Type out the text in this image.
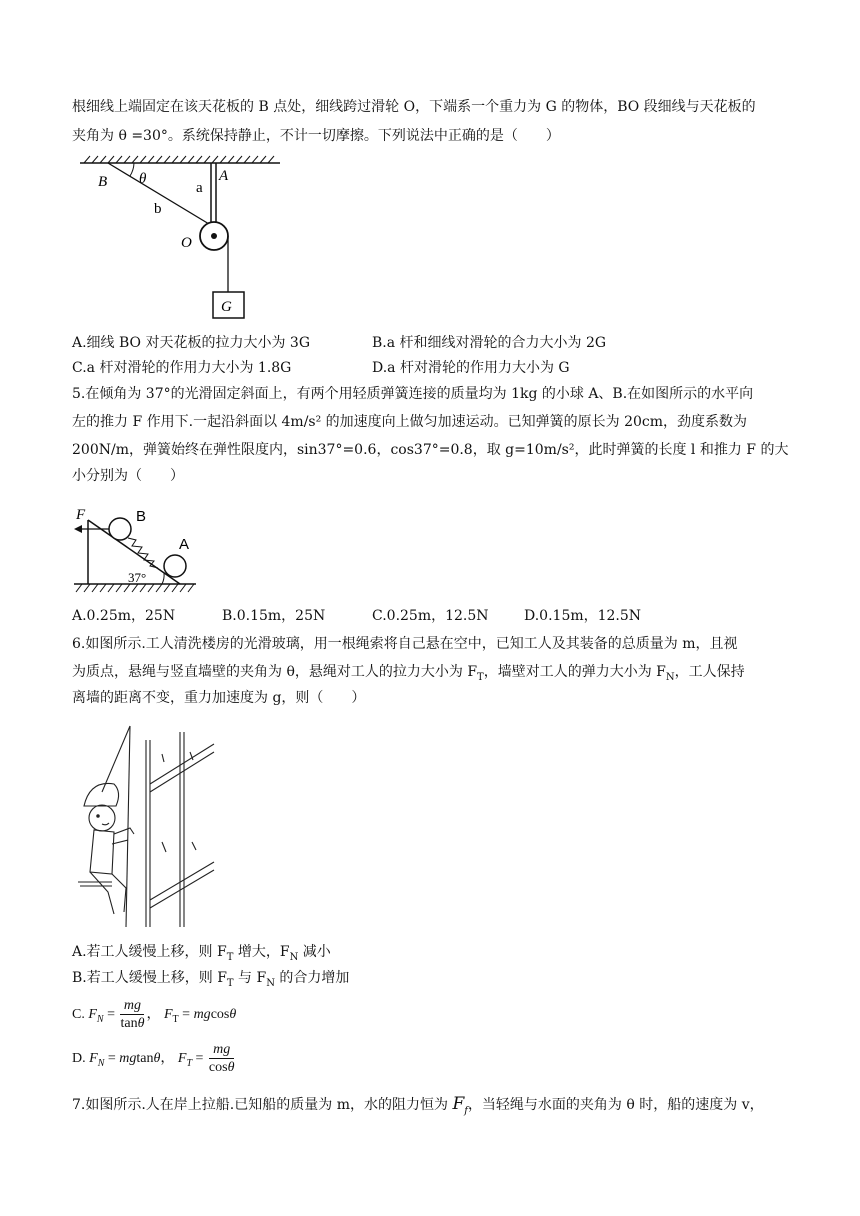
根细线上端固定在该天花板的 B 点处，细线跨过滑轮 O，下端系一个重力为 G 的物体，BO 段细线与天花板的
夹角为 θ =30°。系统保持静止，不计一切摩擦。下列说法中正确的是（　　）
B θ
a
A
b
O
G
A.细线 BO 对天花板的拉力大小为 3G	B.a 杆和细线对滑轮的合力大小为 2G
C.a 杆对滑轮的作用力大小为 1.8G	D.a 杆对滑轮的作用力大小为 G
5.在倾角为 37°的光滑固定斜面上，有两个用轻质弹簧连接的质量均为 1kg 的小球 A、B.在如图所示的水平向
左的推力 F 作用下.一起沿斜面以 4m/s² 的加速度向上做匀加速运动。已知弹簧的原长为 20cm，劲度系数为
200N/m，弹簧始终在弹性限度内，sin37°=0.6，cos37°=0.8，取 g=10m/s²，此时弹簧的长度 l 和推力 F 的大
小分别为（　　）
F	B
A
37°
A.0.25m，25N	B.0.15m，25N	C.0.25m，12.5N	D.0.15m，12.5N
6.如图所示.工人清洗楼房的光滑玻璃，用一根绳索将自己悬在空中，已知工人及其装备的总质量为 m，且视
为质点，悬绳与竖直墙壁的夹角为 θ，悬绳对工人的拉力大小为 $F_T$，墙壁对工人的弹力大小为 $F_N$，工人保持
离墙的距离不变，重力加速度为 g，则（　　）
A.若工人缓慢上移，则 $F_T$ 增大，$F_N$ 减小
B.若工人缓慢上移，则 $F_T$ 与 $F_N$ 的合力增加
C. $F_N = \frac{mg}{\tan\theta}$ ， $F_T = mgcos\theta$
D. $F_N = mgtan\theta$， $F_T = \frac{mg}{\cos\theta}$
7.如图所示.人在岸上拉船.已知船的质量为 m，水的阻力恒为 $F_f$，当轻绳与水面的夹角为 θ 时，船的速度为 v，
